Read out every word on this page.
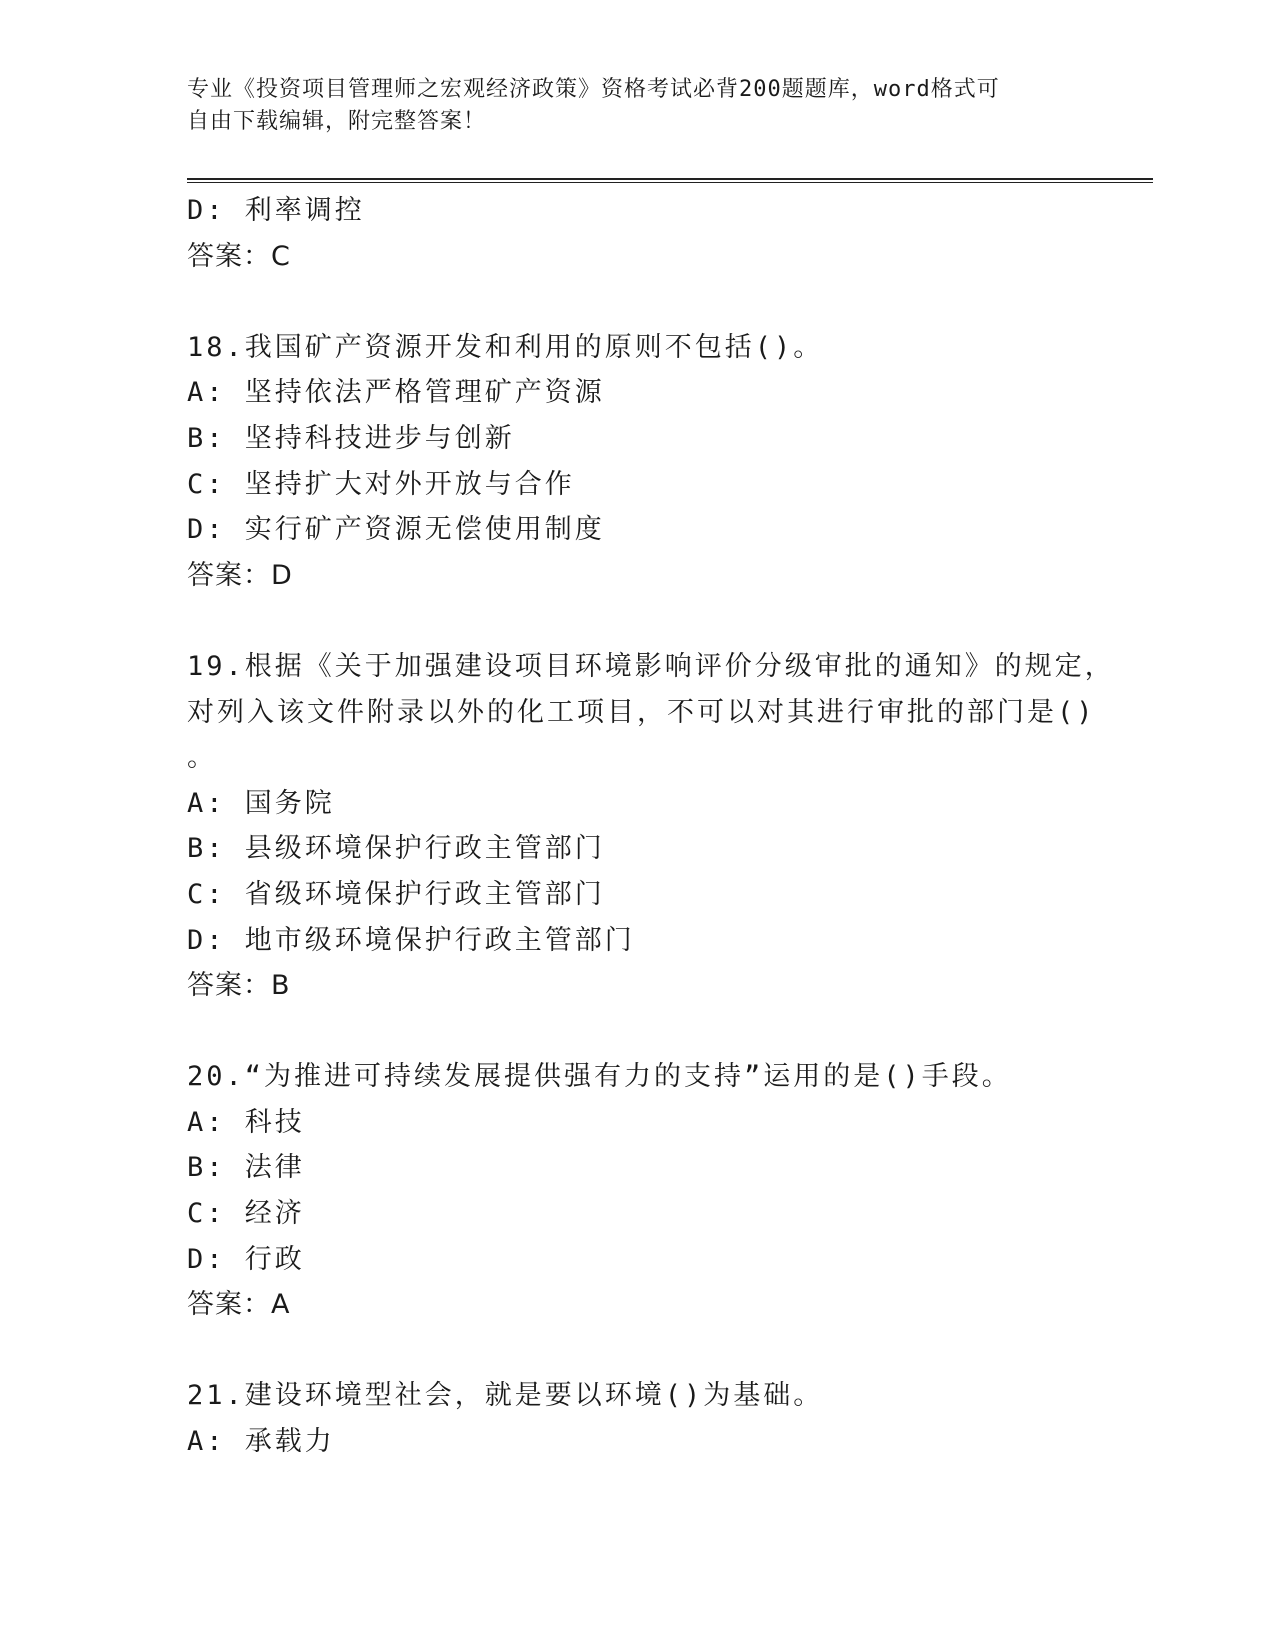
专业《投资项目管理师之宏观经济政策》资格考试必背200题题库，word格式可
自由下载编辑，附完整答案！
D: 利率调控
答案：C
18.我国矿产资源开发和利用的原则不包括()。
A: 坚持依法严格管理矿产资源
B: 坚持科技进步与创新
C: 坚持扩大对外开放与合作
D: 实行矿产资源无偿使用制度
答案：D
19.根据《关于加强建设项目环境影响评价分级审批的通知》的规定，
对列入该文件附录以外的化工项目，不可以对其进行审批的部门是()
。
A: 国务院
B: 县级环境保护行政主管部门
C: 省级环境保护行政主管部门
D: 地市级环境保护行政主管部门
答案：B
20.“为推进可持续发展提供强有力的支持”运用的是()手段。
A: 科技
B: 法律
C: 经济
D: 行政
答案：A
21.建设环境型社会，就是要以环境()为基础。
A: 承载力
